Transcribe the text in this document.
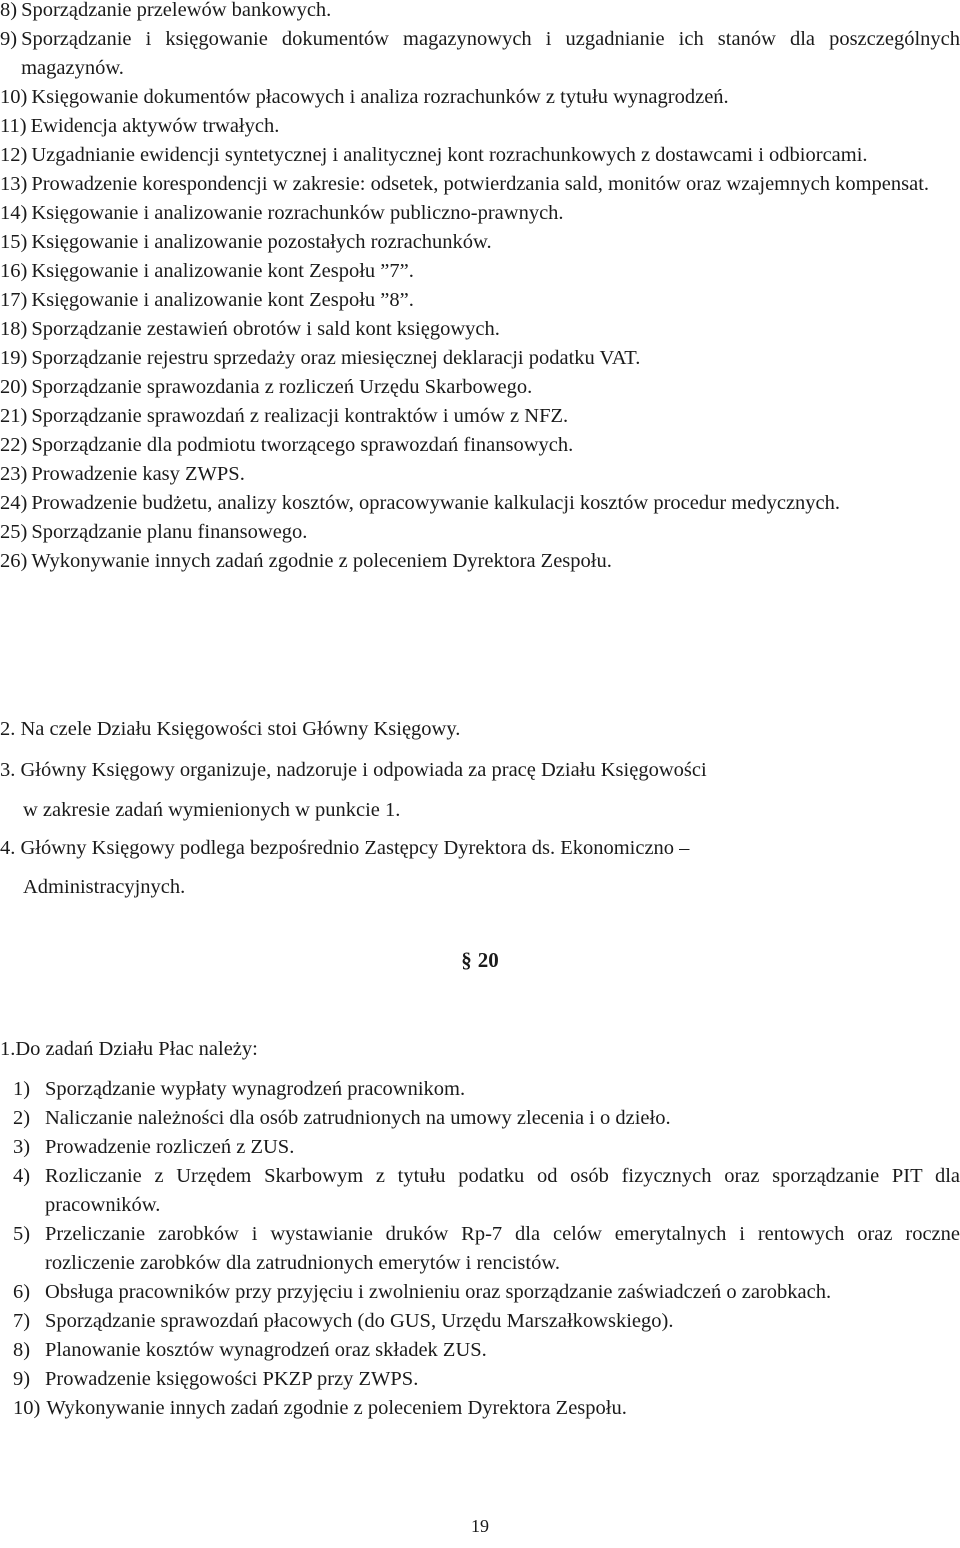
8) Sporządzanie przelewów bankowych.
9) Sporządzanie i księgowanie dokumentów magazynowych i uzgadnianie ich stanów dla poszczególnych magazynów.
10) Księgowanie dokumentów płacowych i analiza rozrachunków z tytułu wynagrodzeń.
11) Ewidencja aktywów trwałych.
12) Uzgadnianie ewidencji syntetycznej i analitycznej kont rozrachunkowych z dostawcami i odbiorcami.
13) Prowadzenie korespondencji w zakresie: odsetek, potwierdzania sald, monitów oraz wzajemnych kompensat.
14) Księgowanie i analizowanie rozrachunków publiczno-prawnych.
15) Księgowanie i analizowanie pozostałych rozrachunków.
16) Księgowanie i analizowanie kont Zespołu ”7”.
17) Księgowanie i analizowanie kont Zespołu ”8”.
18) Sporządzanie zestawień obrotów i sald kont księgowych.
19) Sporządzanie rejestru sprzedaży oraz miesięcznej deklaracji podatku VAT.
20) Sporządzanie sprawozdania z rozliczeń Urzędu Skarbowego.
21) Sporządzanie sprawozdań z realizacji kontraktów i umów z NFZ.
22) Sporządzanie dla podmiotu tworzącego sprawozdań finansowych.
23) Prowadzenie kasy ZWPS.
24) Prowadzenie budżetu, analizy kosztów, opracowywanie kalkulacji kosztów procedur medycznych.
25) Sporządzanie planu finansowego.
26) Wykonywanie innych zadań zgodnie z poleceniem Dyrektora Zespołu.
2. Na czele Działu Księgowości stoi Główny Księgowy.
3. Główny Księgowy organizuje, nadzoruje i odpowiada za pracę Działu Księgowości
w zakresie zadań wymienionych w punkcie 1.
4. Główny Księgowy podlega bezpośrednio Zastępcy Dyrektora ds. Ekonomiczno –
Administracyjnych.
§ 20
1.Do zadań Działu Płac należy:
1) Sporządzanie wypłaty wynagrodzeń pracownikom.
2) Naliczanie należności dla osób zatrudnionych na umowy zlecenia i o dzieło.
3) Prowadzenie rozliczeń z ZUS.
4) Rozliczanie z Urzędem Skarbowym z tytułu podatku od osób fizycznych oraz sporządzanie PIT dla pracowników.
5) Przeliczanie zarobków i wystawianie druków Rp-7 dla celów emerytalnych i rentowych oraz roczne rozliczenie zarobków dla zatrudnionych emerytów i rencistów.
6) Obsługa pracowników przy przyjęciu i zwolnieniu oraz sporządzanie zaświadczeń o zarobkach.
7) Sporządzanie sprawozdań płacowych (do GUS, Urzędu Marszałkowskiego).
8) Planowanie kosztów wynagrodzeń oraz składek ZUS.
9) Prowadzenie księgowości PKZP przy ZWPS.
10) Wykonywanie innych zadań zgodnie z poleceniem Dyrektora Zespołu.
19
